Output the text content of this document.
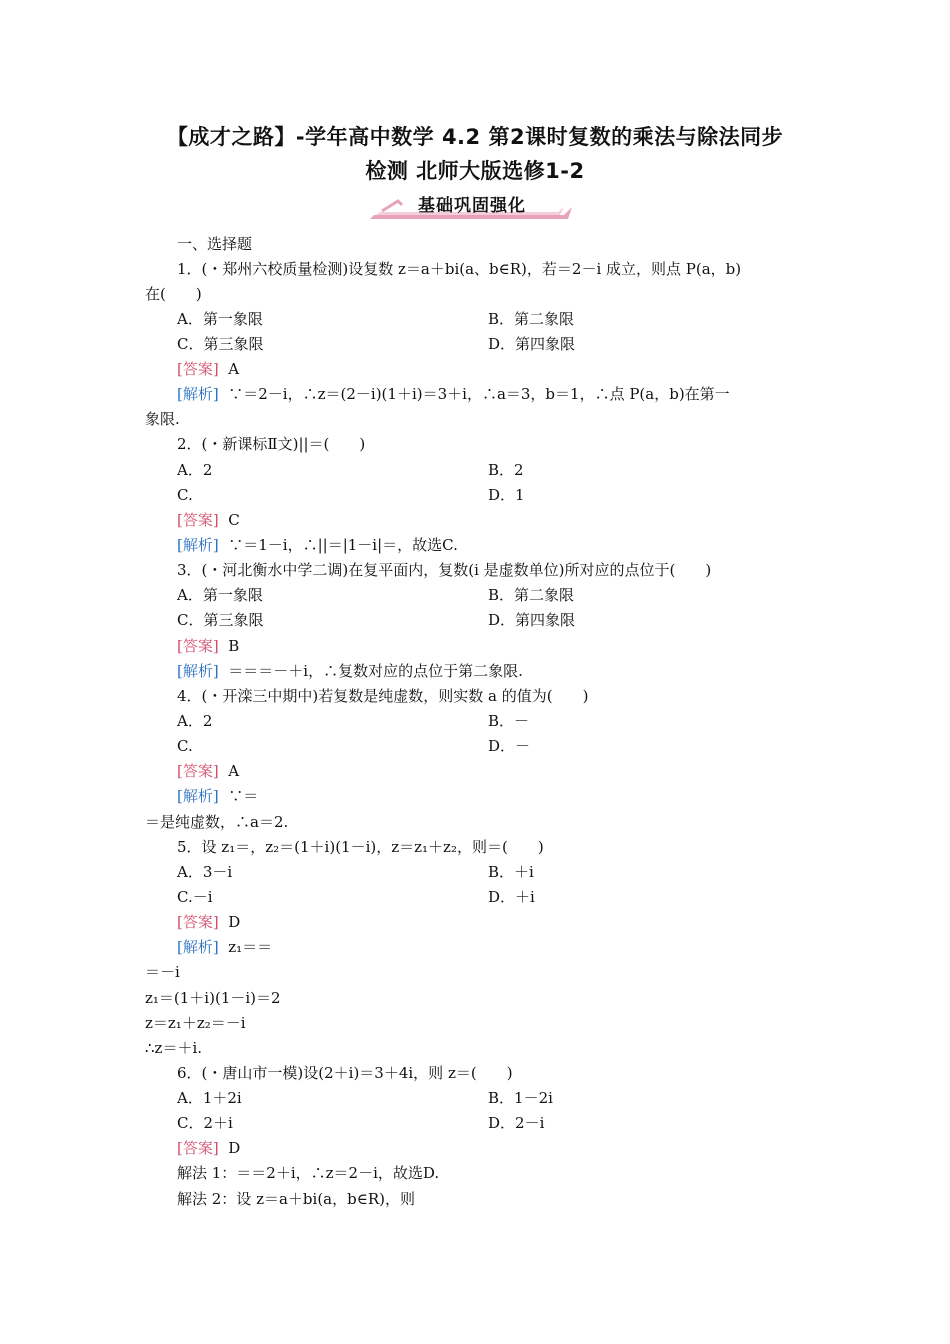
【成才之路】-学年高中数学 4.2 第2课时复数的乘法与除法同步
检测 北师大版选修1-2
基础巩固强化
一、选择题
1．(・郑州六校质量检测)设复数 z＝a＋bi(a、b∈R)，若＝2－i 成立，则点 P(a，b)
在(　　)
A．第一象限	B．第二象限
C．第三象限	D．第四象限
[答案] A
[解析] ∵＝2－i，∴z＝(2－i)(1＋i)＝3＋i，∴a＝3，b＝1，∴点 P(a，b)在第一
象限.
2．(・新课标Ⅱ文)||＝(　　)
A．2	B．2
C.	D．1
[答案] C
[解析] ∵＝1－i，∴||＝|1－i|＝，故选C.
3．(・河北衡水中学二调)在复平面内，复数(i 是虚数单位)所对应的点位于(　　)
A．第一象限	B．第二象限
C．第三象限	D．第四象限
[答案] B
[解析] ＝＝＝－＋i，∴复数对应的点位于第二象限.
4．(・开滦三中期中)若复数是纯虚数，则实数 a 的值为(　　)
A．2	B．－
C.	D．－
[答案] A
[解析] ∵＝
＝是纯虚数，∴a＝2.
5．设 z₁＝，z₂＝(1＋i)(1－i)，z＝z₁＋z₂，则＝(　　)
A．3－i	B．＋i
C.－i	D．＋i
[答案] D
[解析] z₁＝＝
＝－i
z₁＝(1＋i)(1－i)＝2
z＝z₁＋z₂＝－i
∴z＝＋i.
6．(・唐山市一模)设(2＋i)＝3＋4i，则 z＝(　　)
A．1＋2i	B．1－2i
C．2＋i	D．2－i
[答案] D
解法 1：＝＝2＋i，∴z＝2－i，故选D.
解法 2：设 z＝a＋bi(a，b∈R)，则
